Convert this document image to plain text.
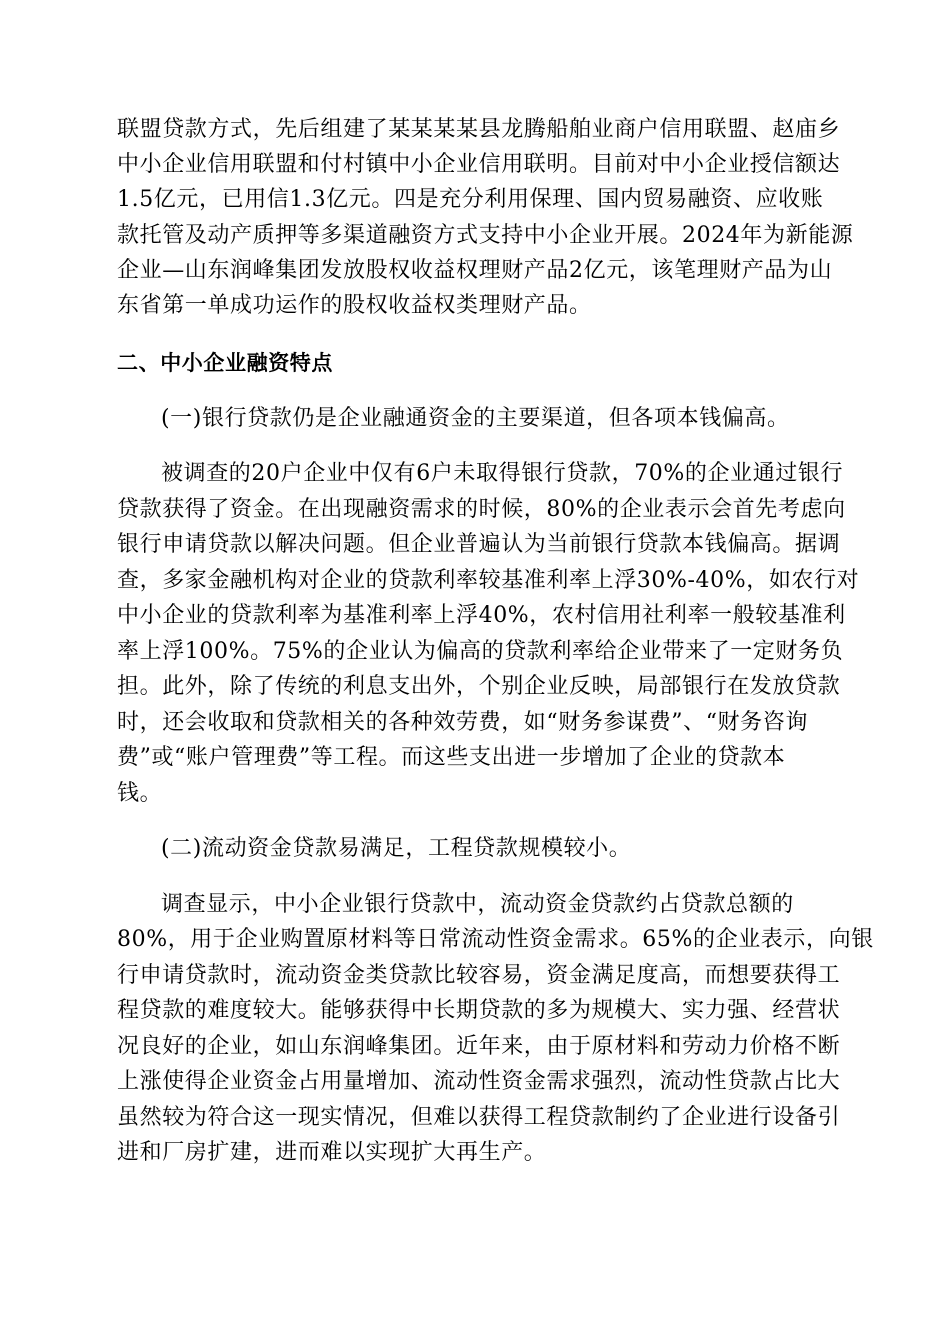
联盟贷款方式，先后组建了某某某某县龙腾船舶业商户信用联盟、赵庙乡
中小企业信用联盟和付村镇中小企业信用联明。目前对中小企业授信额达
1.5亿元，已用信1.3亿元。四是充分利用保理、国内贸易融资、应收账
款托管及动产质押等多渠道融资方式支持中小企业开展。2024年为新能源
企业—山东润峰集团发放股权收益权理财产品2亿元，该笔理财产品为山
东省第一单成功运作的股权收益权类理财产品。
二、中小企业融资特点
(一)银行贷款仍是企业融通资金的主要渠道，但各项本钱偏高。
被调查的20户企业中仅有6户未取得银行贷款，70%的企业通过银行
贷款获得了资金。在出现融资需求的时候，80%的企业表示会首先考虑向
银行申请贷款以解决问题。但企业普遍认为当前银行贷款本钱偏高。据调
查，多家金融机构对企业的贷款利率较基准利率上浮30%-40%，如农行对
中小企业的贷款利率为基准利率上浮40%，农村信用社利率一般较基准利
率上浮100%。75%的企业认为偏高的贷款利率给企业带来了一定财务负
担。此外，除了传统的利息支出外，个别企业反映，局部银行在发放贷款
时，还会收取和贷款相关的各种效劳费，如“财务参谋费”、“财务咨询
费”或“账户管理费”等工程。而这些支出进一步增加了企业的贷款本
钱。
(二)流动资金贷款易满足，工程贷款规模较小。
调查显示，中小企业银行贷款中，流动资金贷款约占贷款总额的
80%，用于企业购置原材料等日常流动性资金需求。65%的企业表示，向银
行申请贷款时，流动资金类贷款比较容易，资金满足度高，而想要获得工
程贷款的难度较大。能够获得中长期贷款的多为规模大、实力强、经营状
况良好的企业，如山东润峰集团。近年来，由于原材料和劳动力价格不断
上涨使得企业资金占用量增加、流动性资金需求强烈，流动性贷款占比大
虽然较为符合这一现实情况，但难以获得工程贷款制约了企业进行设备引
进和厂房扩建，进而难以实现扩大再生产。
